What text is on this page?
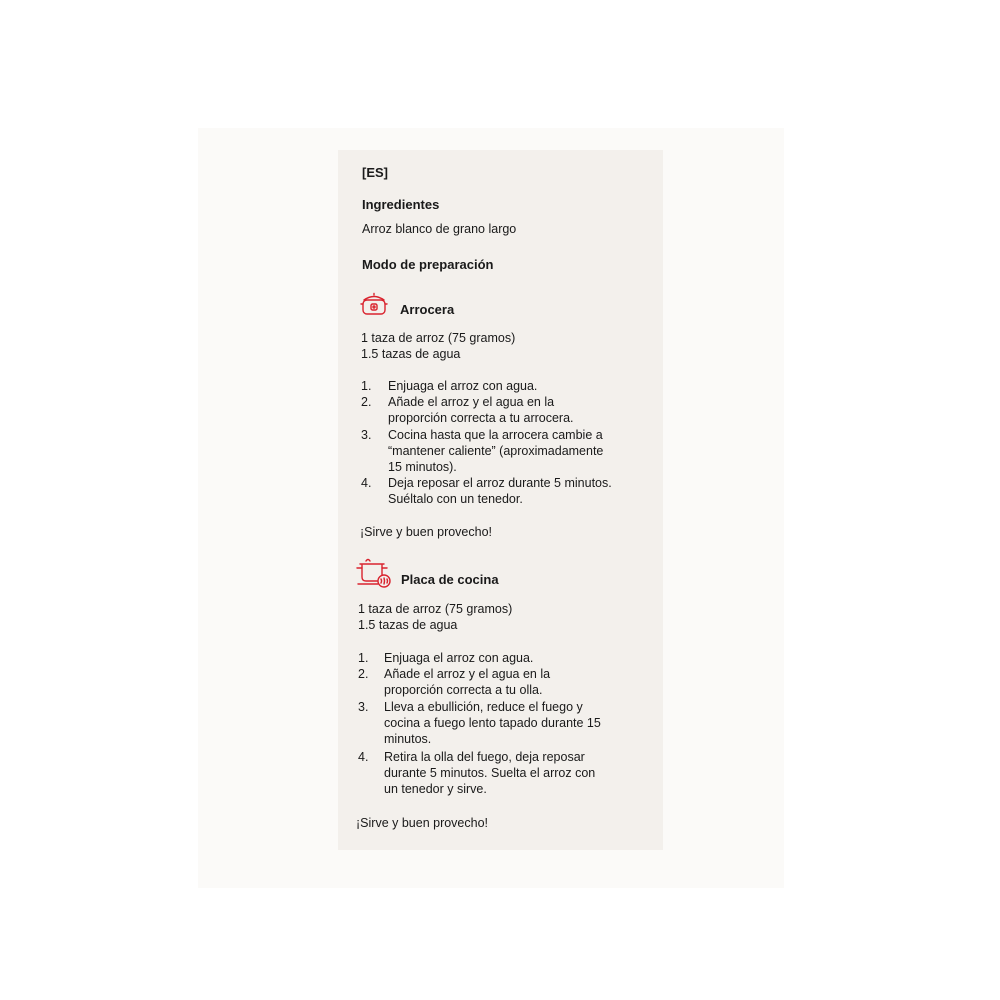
[ES]
Ingredientes
Arroz blanco de grano largo
Modo de preparación
Arrocera
1 taza de arroz (75 gramos)
1.5 tazas de agua
1. Enjuaga el arroz con agua.
2. Añade el arroz y el agua en la
proporción correcta a tu arrocera.
3. Cocina hasta que la arrocera cambie a
“mantener caliente” (aproximadamente
15 minutos).
4. Deja reposar el arroz durante 5 minutos.
Suéltalo con un tenedor.
¡Sirve y buen provecho!
Placa de cocina
1 taza de arroz (75 gramos)
1.5 tazas de agua
1. Enjuaga el arroz con agua.
2. Añade el arroz y el agua en la
proporción correcta a tu olla.
3. Lleva a ebullición, reduce el fuego y
cocina a fuego lento tapado durante 15
minutos.
4. Retira la olla del fuego, deja reposar
durante 5 minutos. Suelta el arroz con
un tenedor y sirve.
¡Sirve y buen provecho!
